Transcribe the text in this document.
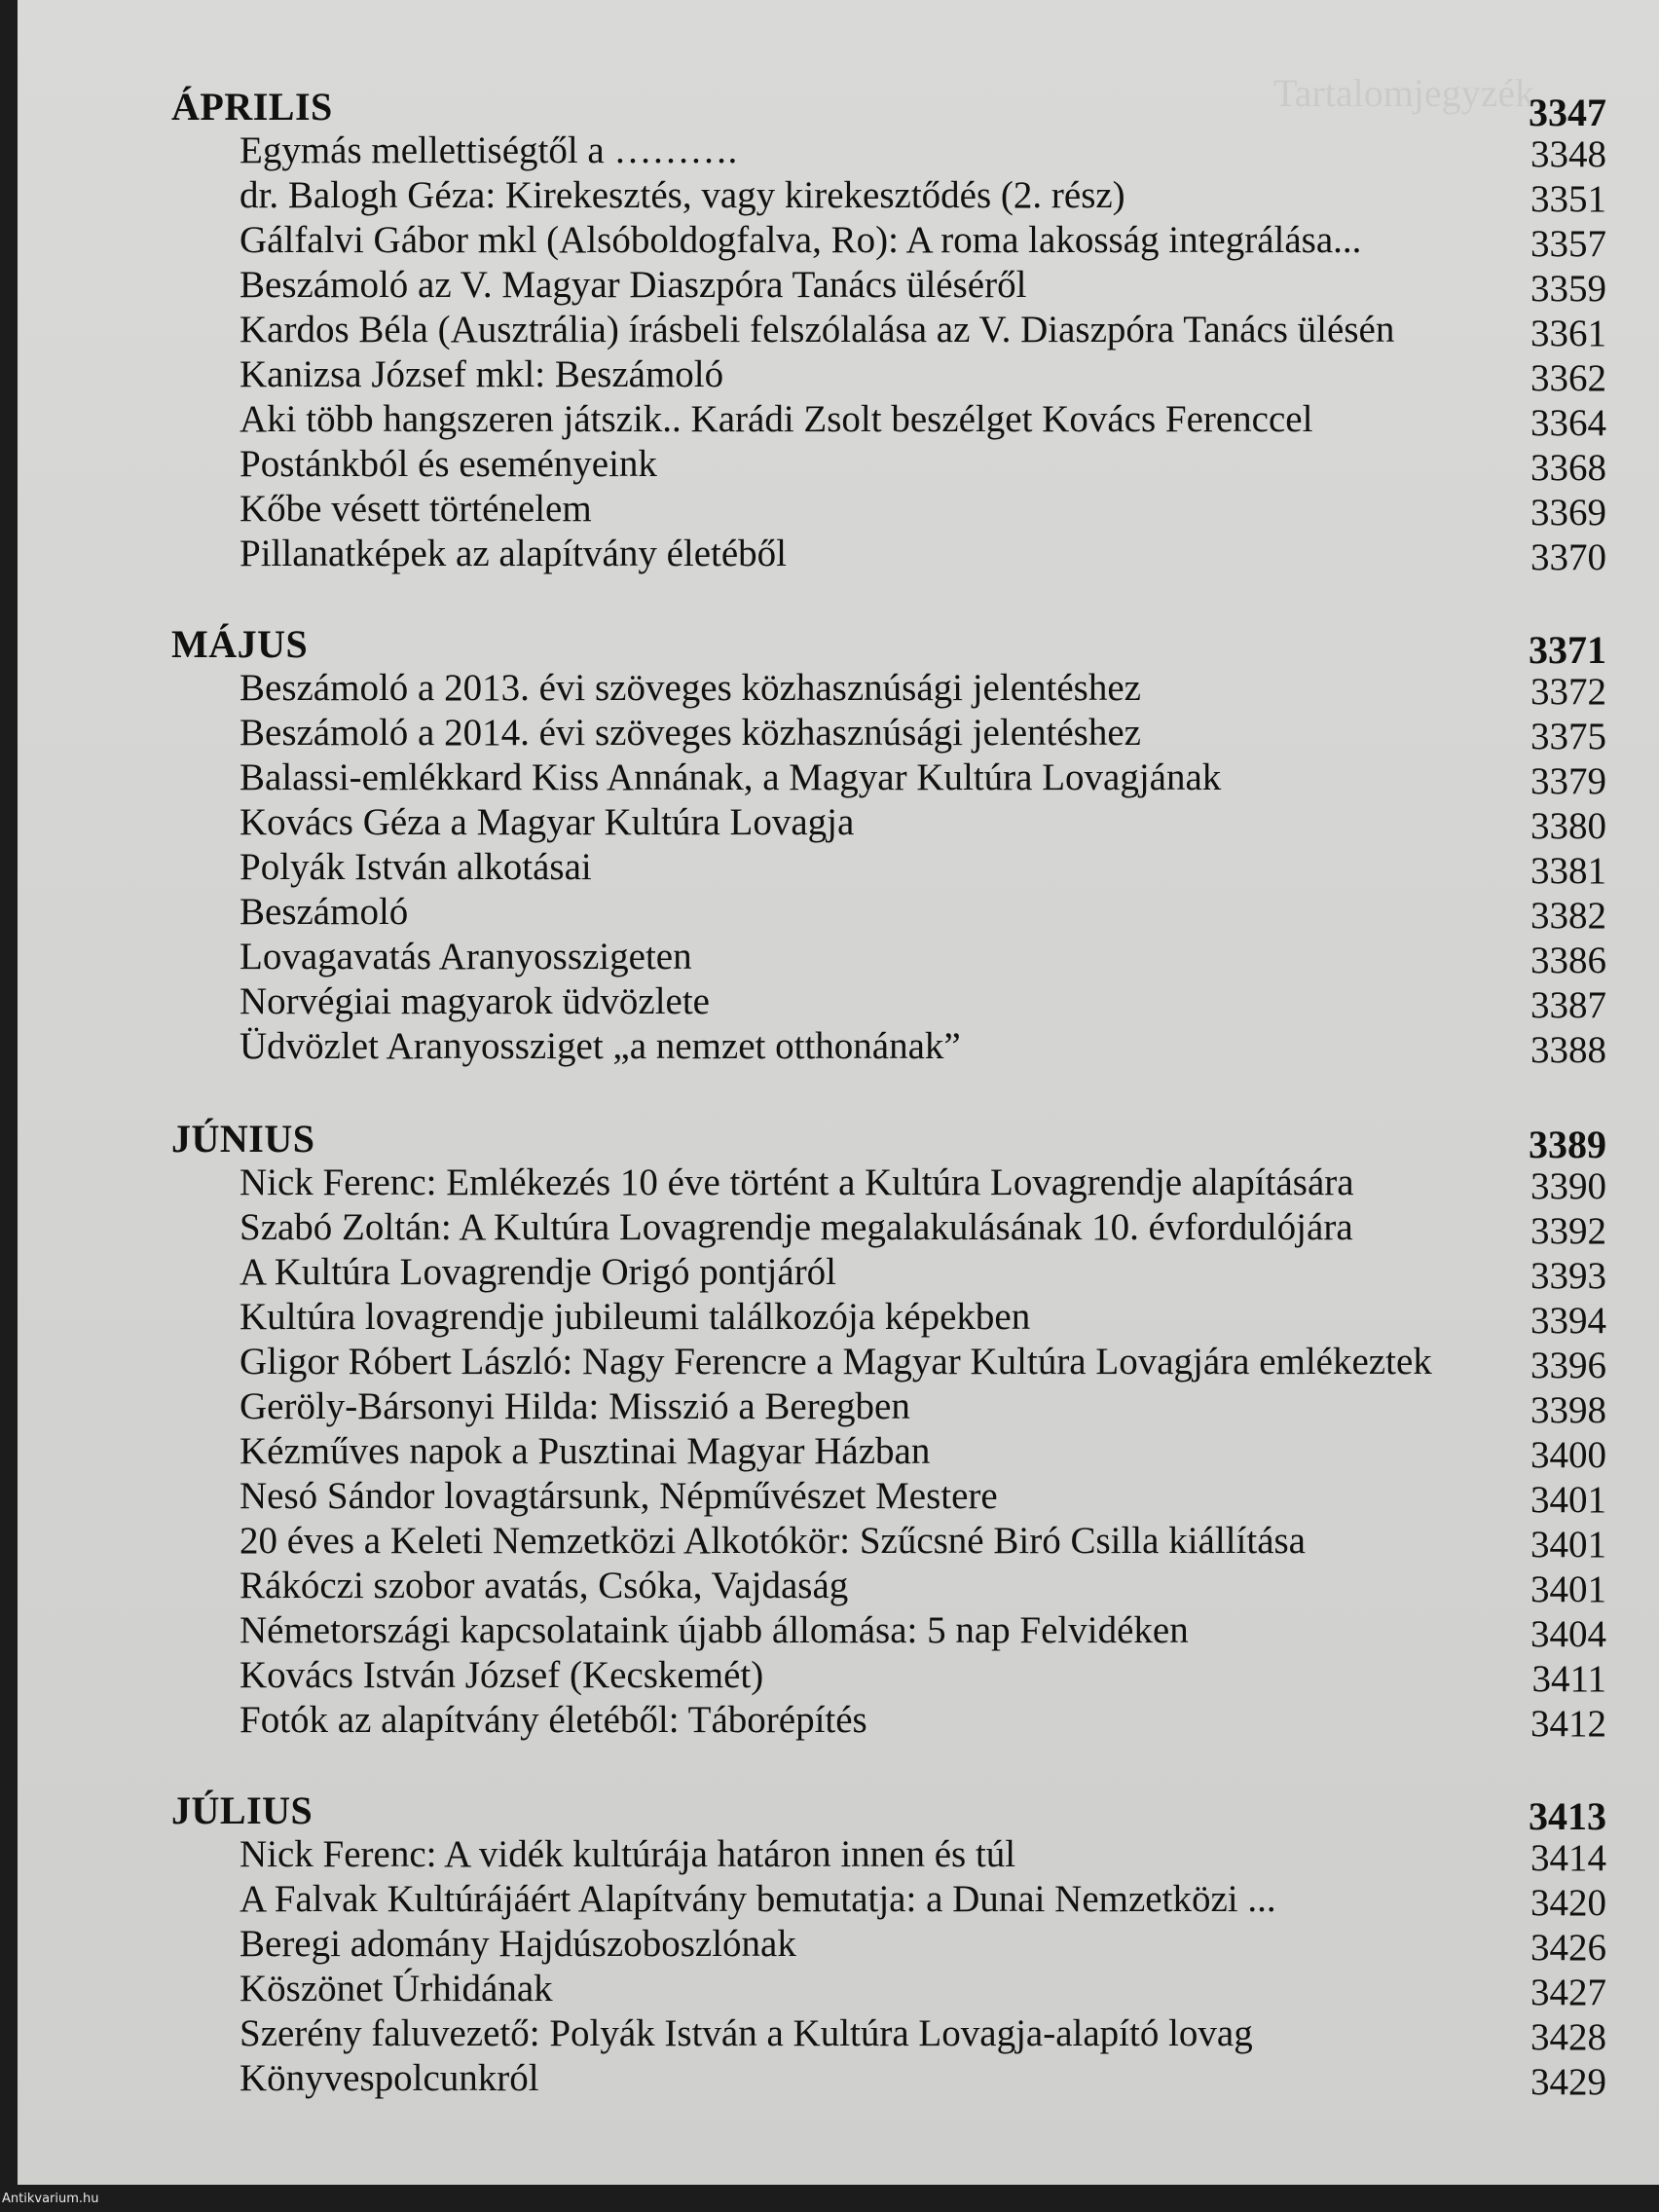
ÁPRILIS	3347
Egymás mellettiségtől a ……….	3348
dr. Balogh Géza: Kirekesztés, vagy kirekesztődés (2. rész)	3351
Gálfalvi Gábor mkl (Alsóboldogfalva, Ro): A roma lakosság integrálása...	3357
Beszámoló az V. Magyar Diaszpóra Tanács üléséről	3359
Kardos Béla (Ausztrália) írásbeli felszólalása az V. Diaszpóra Tanács ülésén	3361
Kanizsa József mkl: Beszámoló	3362
Aki több hangszeren játszik.. Karádi Zsolt beszélget Kovács Ferenccel	3364
Postánkból és eseményeink	3368
Kőbe vésett történelem	3369
Pillanatképek az alapítvány életéből	3370
MÁJUS	3371
Beszámoló a 2013. évi szöveges közhasznúsági jelentéshez	3372
Beszámoló a 2014. évi szöveges közhasznúsági jelentéshez	3375
Balassi-emlékkard Kiss Annának, a Magyar Kultúra Lovagjának	3379
Kovács Géza a Magyar Kultúra Lovagja	3380
Polyák István alkotásai	3381
Beszámoló	3382
Lovagavatás Aranyosszigeten	3386
Norvégiai magyarok üdvözlete	3387
Üdvözlet Aranyossziget „a nemzet otthonának”	3388
JÚNIUS	3389
Nick Ferenc: Emlékezés 10 éve történt a Kultúra Lovagrendje alapítására	3390
Szabó Zoltán: A Kultúra Lovagrendje megalakulásának 10. évfordulójára	3392
A Kultúra Lovagrendje Origó pontjáról	3393
Kultúra lovagrendje jubileumi találkozója képekben	3394
Gligor Róbert László: Nagy Ferencre a Magyar Kultúra Lovagjára emlékeztek	3396
Geröly-Bársonyi Hilda: Misszió a Beregben	3398
Kézműves napok a Pusztinai Magyar Házban	3400
Nesó Sándor lovagtársunk, Népművészet Mestere	3401
20 éves a Keleti Nemzetközi Alkotókör: Szűcsné Biró Csilla kiállítása	3401
Rákóczi szobor avatás, Csóka, Vajdaság	3401
Németországi kapcsolataink újabb állomása: 5 nap Felvidéken	3404
Kovács István József (Kecskemét)	3411
Fotók az alapítvány életéből: Táborépítés	3412
JÚLIUS	3413
Nick Ferenc: A vidék kultúrája határon innen és túl	3414
A Falvak Kultúrájáért Alapítvány bemutatja: a Dunai Nemzetközi ...	3420
Beregi adomány Hajdúszoboszlónak	3426
Köszönet Úrhidának	3427
Szerény faluvezető: Polyák István a Kultúra Lovagja-alapító lovag	3428
Könyvespolcunkról	3429
Tartalomjegyzék
Antikvarium.hu
